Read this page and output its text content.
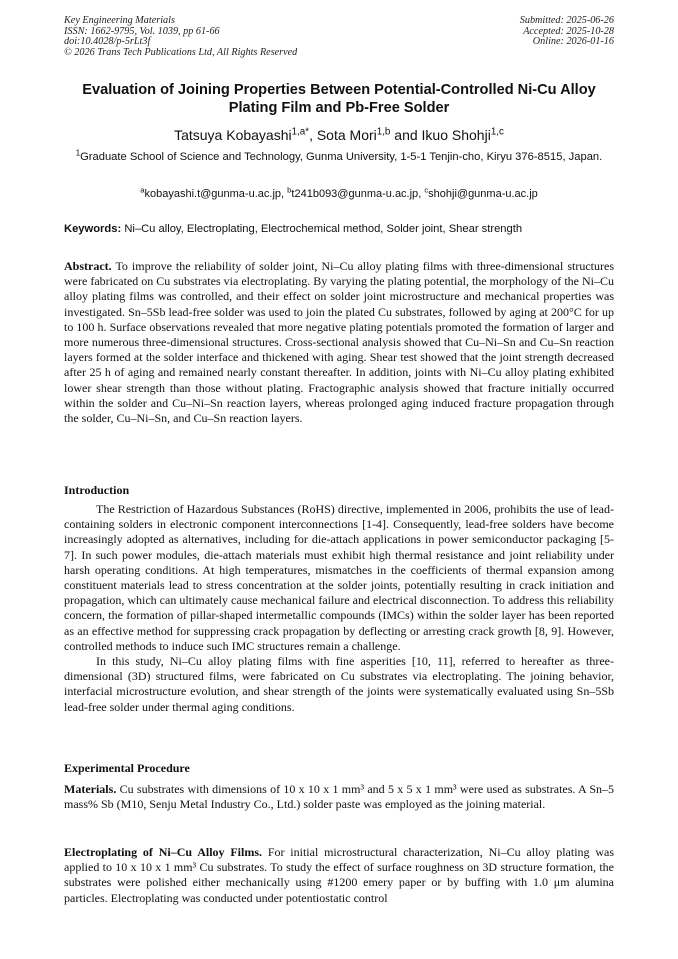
Key Engineering Materials
ISSN: 1662-9795, Vol. 1039, pp 61-66
doi:10.4028/p-5rLt3f
© 2026 Trans Tech Publications Ltd, All Rights Reserved
Submitted: 2025-06-26
Accepted: 2025-10-28
Online: 2026-01-16
Evaluation of Joining Properties Between Potential-Controlled Ni-Cu Alloy Plating Film and Pb-Free Solder
Tatsuya Kobayashi$^{1,a*}$, Sota Mori$^{1,b}$ and Ikuo Shohji$^{1,c}$
$^1$Graduate School of Science and Technology, Gunma University, 1-5-1 Tenjin-cho, Kiryu 376-8515, Japan.
$^a$kobayashi.t@gunma-u.ac.jp, $^b$t241b093@gunma-u.ac.jp, $^c$shohji@gunma-u.ac.jp
Keywords: Ni–Cu alloy, Electroplating, Electrochemical method, Solder joint, Shear strength

Abstract. To improve the reliability of solder joint, Ni–Cu alloy plating films with three-dimensional structures were fabricated on Cu substrates via electroplating. By varying the plating potential, the morphology of the Ni–Cu alloy plating films was controlled, and their effect on solder joint microstructure and mechanical properties was investigated. Sn–5Sb lead-free solder was used to join the plated Cu substrates, followed by aging at 200°C for up to 100 h. Surface observations revealed that more negative plating potentials promoted the formation of larger and more numerous three-dimensional structures. Cross-sectional analysis showed that Cu–Ni–Sn and Cu–Sn reaction layers formed at the solder interface and thickened with aging. Shear test showed that the joint strength decreased after 25 h of aging and remained nearly constant thereafter. In addition, joints with Ni–Cu alloy plating exhibited lower shear strength than those without plating. Fractographic analysis showed that fracture initially occurred within the solder and Cu–Ni–Sn reaction layers, whereas prolonged aging induced fracture propagation through the solder, Cu–Ni–Sn, and Cu–Sn reaction layers.

Introduction

The Restriction of Hazardous Substances (RoHS) directive, implemented in 2006, prohibits the use of lead-containing solders in electronic component interconnections [1-4]. Consequently, lead-free solders have become increasingly adopted as alternatives, including for die-attach applications in power semiconductor packaging [5-7]. In such power modules, die-attach materials must exhibit high thermal resistance and joint reliability under harsh operating conditions. At high temperatures, mismatches in the coefficients of thermal expansion among constituent materials lead to stress concentration at the solder joints, potentially resulting in crack initiation and propagation, which can ultimately cause mechanical failure and electrical disconnection. To address this reliability concern, the formation of pillar-shaped intermetallic compounds (IMCs) within the solder layer has been reported as an effective method for suppressing crack propagation by deflecting or arresting crack growth [8, 9]. However, controlled methods to induce such IMC structures remain a challenge.

In this study, Ni–Cu alloy plating films with fine asperities [10, 11], referred to hereafter as three-dimensional (3D) structured films, were fabricated on Cu substrates via electroplating. The joining behavior, interfacial microstructure evolution, and shear strength of the joints were systematically evaluated using Sn–5Sb lead-free solder under thermal aging conditions.

Experimental Procedure

Materials. Cu substrates with dimensions of 10 x 10 x 1 mm³ and 5 x 5 x 1 mm³ were used as substrates. A Sn–5 mass% Sb (M10, Senju Metal Industry Co., Ltd.) solder paste was employed as the joining material.

Electroplating of Ni–Cu Alloy Films. For initial microstructural characterization, Ni–Cu alloy plating was applied to 10 x 10 x 1 mm³ Cu substrates. To study the effect of surface roughness on 3D structure formation, the substrates were polished either mechanically using #1200 emery paper or by buffing with 1.0 μm alumina particles. Electroplating was conducted under potentiostatic control
